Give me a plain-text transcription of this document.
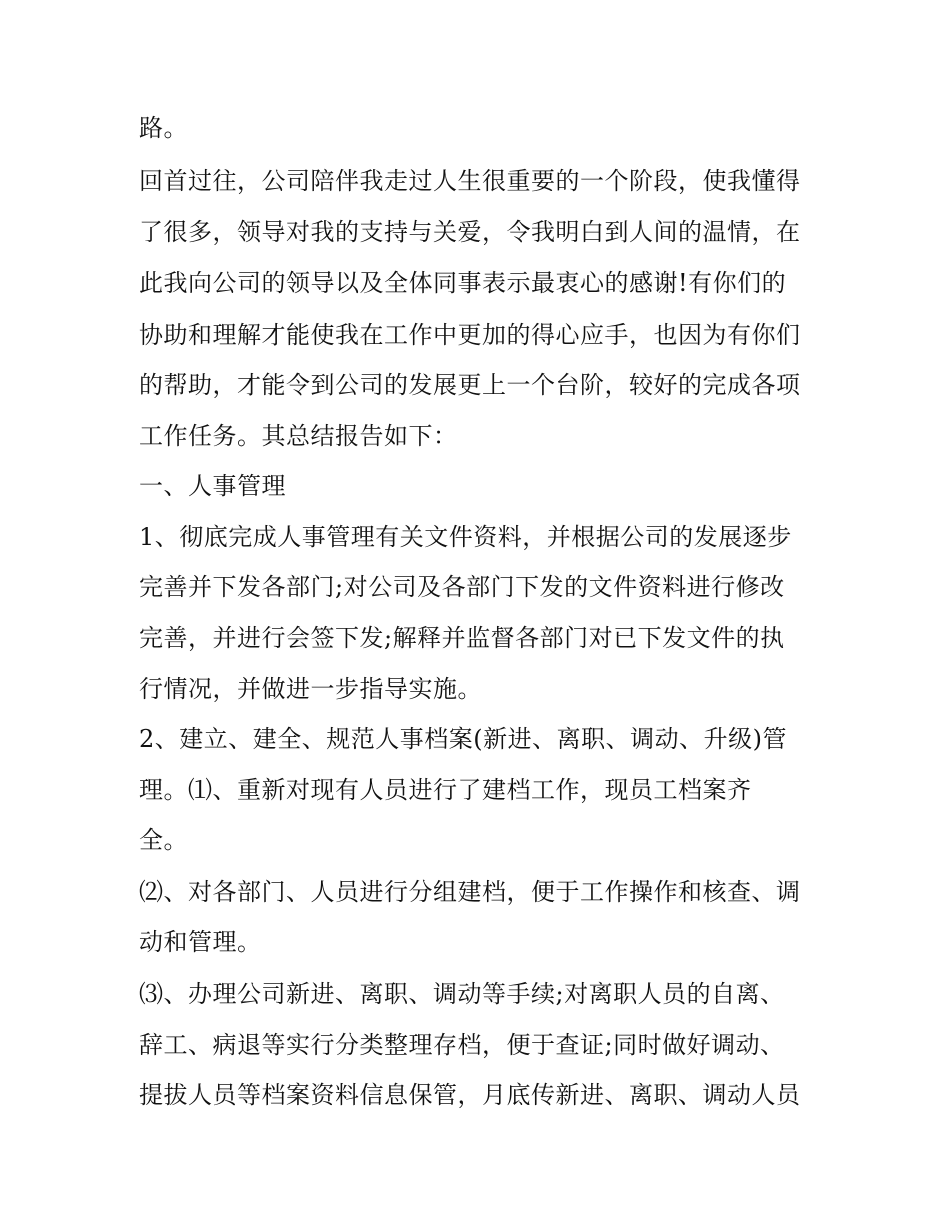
路。
回首过往，公司陪伴我走过人生很重要的一个阶段，使我懂得
了很多，领导对我的支持与关爱，令我明白到人间的温情，在
此我向公司的领导以及全体同事表示最衷心的感谢!有你们的
协助和理解才能使我在工作中更加的得心应手，也因为有你们
的帮助，才能令到公司的发展更上一个台阶，较好的完成各项
工作任务。其总结报告如下：
一、人事管理
1、彻底完成人事管理有关文件资料，并根据公司的发展逐步
完善并下发各部门;对公司及各部门下发的文件资料进行修改
完善，并进行会签下发;解释并监督各部门对已下发文件的执
行情况，并做进一步指导实施。
2、建立、建全、规范人事档案(新进、离职、调动、升级)管
理。⑴、重新对现有人员进行了建档工作，现员工档案齐
全。
⑵、对各部门、人员进行分组建档，便于工作操作和核查、调
动和管理。
⑶、办理公司新进、离职、调动等手续;对离职人员的自离、
辞工、病退等实行分类整理存档，便于查证;同时做好调动、
提拔人员等档案资料信息保管，月底传新进、离职、调动人员
